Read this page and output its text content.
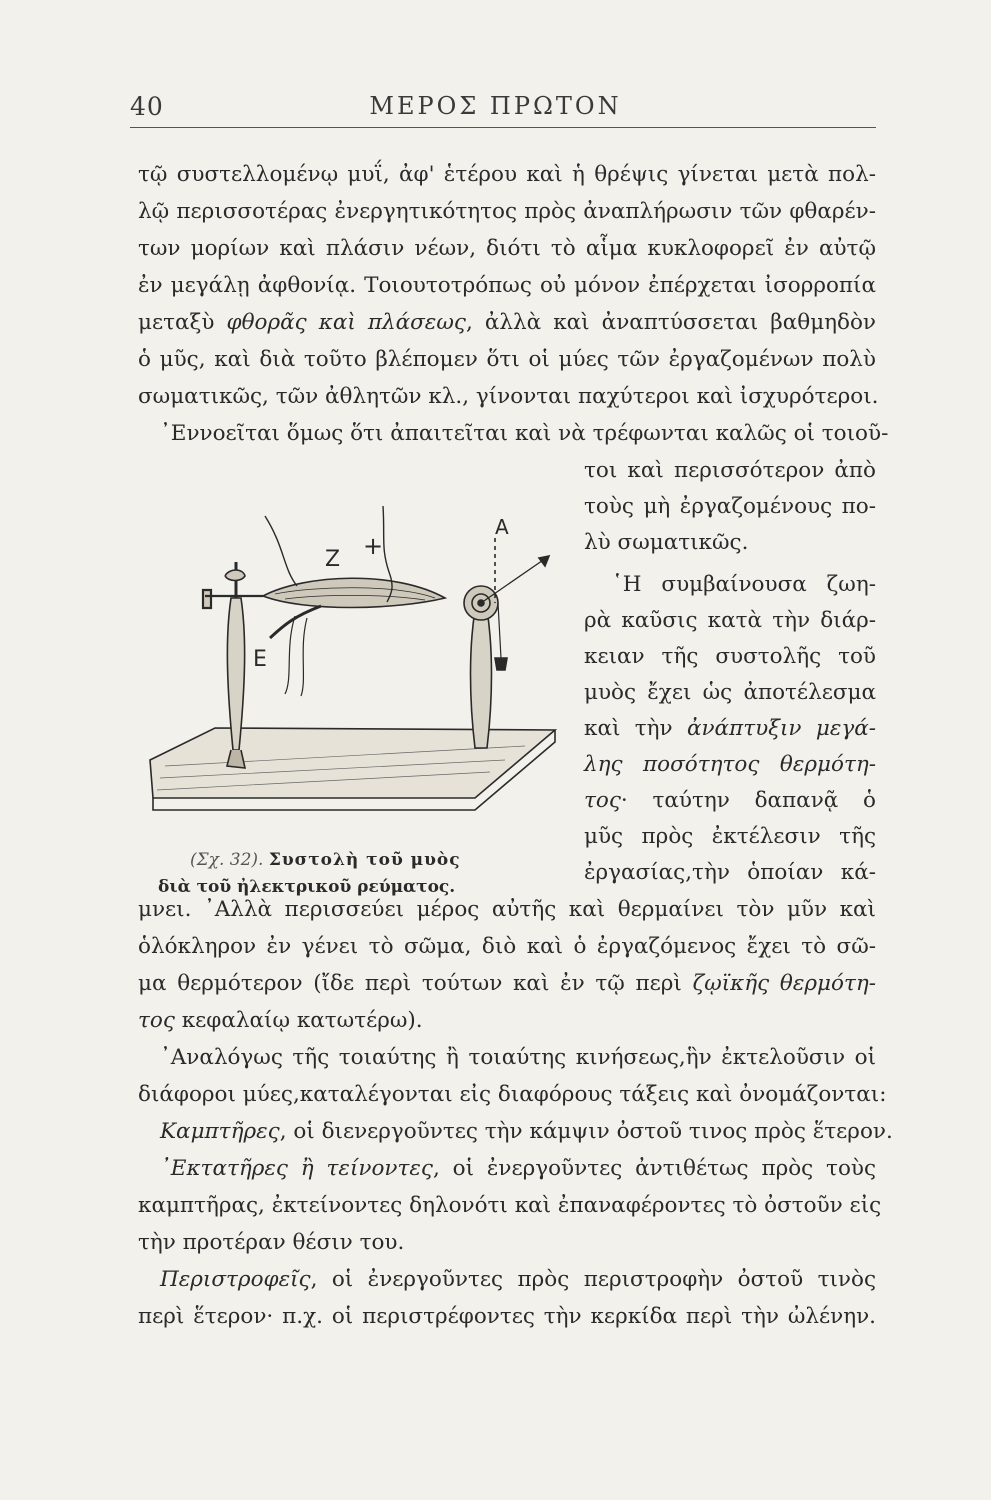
40	ΜΕΡΟΣ ΠΡΩΤΟΝ
τῷ συστελλομένῳ μυΐ, ἀφ' ἑτέρου καὶ ἡ θρέψις γίνεται μετὰ πολ-
λῷ περισσοτέρας ἐνεργητικότητος πρὸς ἀναπλήρωσιν τῶν φθαρέν-
των μορίων καὶ πλάσιν νέων, διότι τὸ αἷμα κυκλοφορεῖ ἐν αὐτῷ
ἐν μεγάλῃ ἀφθονίᾳ. Τοιουτοτρόπως οὐ μόνον ἐπέρχεται ἰσορροπία
μεταξὺ φθορᾶς καὶ πλάσεως, ἀλλὰ καὶ ἀναπτύσσεται βαθμηδὸν
ὁ μῦς, καὶ διὰ τοῦτο βλέπομεν ὅτι οἱ μύες τῶν ἐργαζομένων πολὺ
σωματικῶς, τῶν ἀθλητῶν κλ., γίνονται παχύτεροι καὶ ἰσχυρότεροι.
᾿Εννοεῖται ὅμως ὅτι ἀπαιτεῖται καὶ νὰ τρέφωνται καλῶς οἱ τοιοῦ-
τοι καὶ περισσότερον ἀπὸ
τοὺς μὴ ἐργαζομένους πο-
λὺ σωματικῶς.
῾Η συμβαίνουσα ζωη-
ρὰ καῦσις κατὰ τὴν διάρ-
κειαν τῆς συστολῆς τοῦ
μυὸς ἔχει ὡς ἀποτέλεσμα
καὶ τὴν ἀνάπτυξιν μεγά-
λης ποσότητος θερμότη-
τος· ταύτην δαπανᾷ ὁ
μῦς πρὸς ἐκτέλεσιν τῆς
ἐργασίας,τὴν ὁποίαν κά-
Z +
E
A
(Σχ. 32). Συστολὴ τοῦ μυὸς
διὰ τοῦ ἠλεκτρικοῦ ρεύματος.
μνει. ᾿Αλλὰ περισσεύει μέρος αὐτῆς καὶ θερμαίνει τὸν μῦν καὶ
ὁλόκληρον ἐν γένει τὸ σῶμα, διὸ καὶ ὁ ἐργαζόμενος ἔχει τὸ σῶ-
μα θερμότερον (ἴδε περὶ τούτων καὶ ἐν τῷ περὶ ζῳϊκῆς θερμότη-
τος κεφαλαίῳ κατωτέρω).
᾿Αναλόγως τῆς τοιαύτης ἢ τοιαύτης κινήσεως,ἣν ἐκτελοῦσιν οἱ
διάφοροι μύες,καταλέγονται εἰς διαφόρους τάξεις καὶ ὀνομάζονται:
Καμπτῆρες, οἱ διενεργοῦντες τὴν κάμψιν ὀστοῦ τινος πρὸς ἕτερον.
᾿Εκτατῆρες ἢ τείνοντες, οἱ ἐνεργοῦντες ἀντιθέτως πρὸς τοὺς
καμπτῆρας, ἐκτείνοντες δηλονότι καὶ ἐπαναφέροντες τὸ ὀστοῦν εἰς
τὴν προτέραν θέσιν του.
Περιστροφεῖς, οἱ ἐνεργοῦντες πρὸς περιστροφὴν ὀστοῦ τινὸς
περὶ ἕτερον· π.χ. οἱ περιστρέφοντες τὴν κερκίδα περὶ τὴν ὠλένην.
